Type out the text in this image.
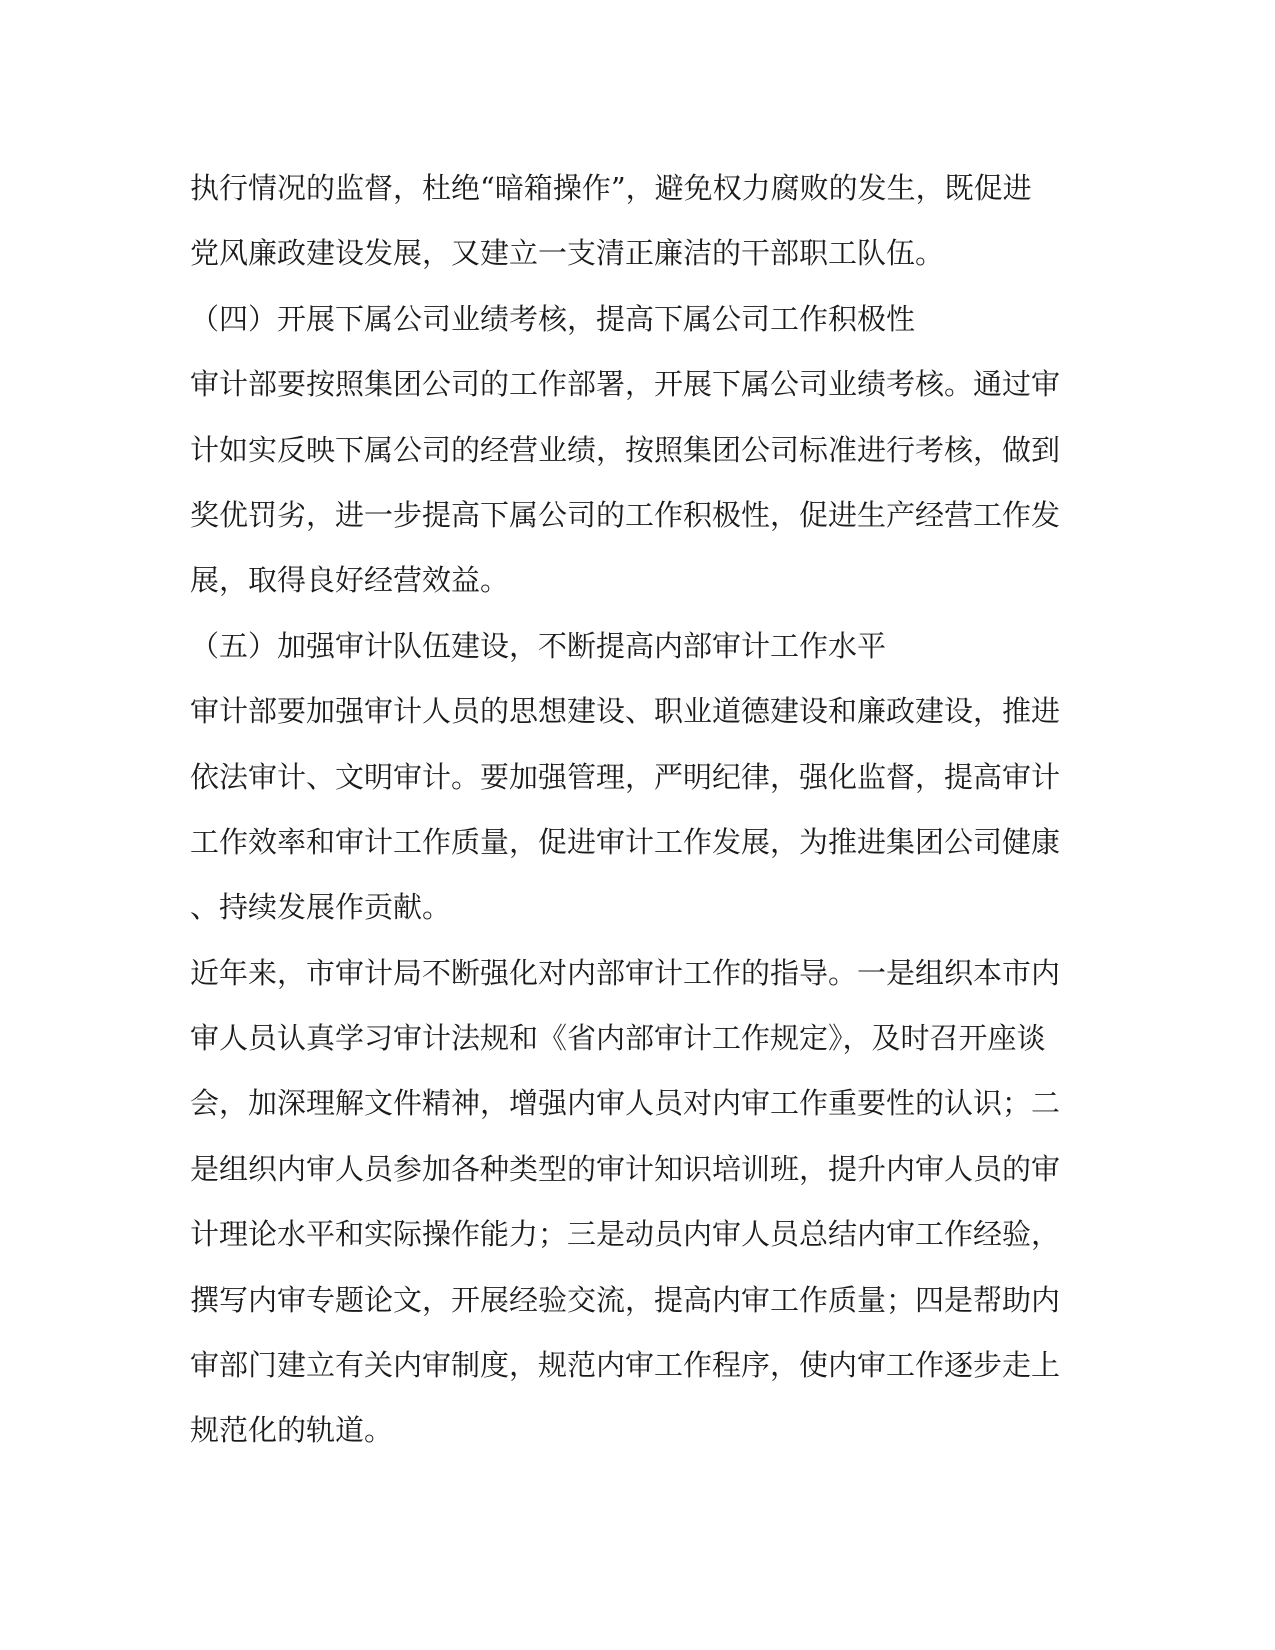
执行情况的监督，杜绝“暗箱操作”，避免权力腐败的发生，既促进
党风廉政建设发展，又建立一支清正廉洁的干部职工队伍。
（四）开展下属公司业绩考核，提高下属公司工作积极性
审计部要按照集团公司的工作部署，开展下属公司业绩考核。通过审
计如实反映下属公司的经营业绩，按照集团公司标准进行考核，做到
奖优罚劣，进一步提高下属公司的工作积极性，促进生产经营工作发
展，取得良好经营效益。
（五）加强审计队伍建设，不断提高内部审计工作水平
审计部要加强审计人员的思想建设、职业道德建设和廉政建设，推进
依法审计、文明审计。要加强管理，严明纪律，强化监督，提高审计
工作效率和审计工作质量，促进审计工作发展，为推进集团公司健康
、持续发展作贡献。
近年来，市审计局不断强化对内部审计工作的指导。一是组织本市内
审人员认真学习审计法规和《省内部审计工作规定》，及时召开座谈
会，加深理解文件精神，增强内审人员对内审工作重要性的认识；二
是组织内审人员参加各种类型的审计知识培训班，提升内审人员的审
计理论水平和实际操作能力；三是动员内审人员总结内审工作经验，
撰写内审专题论文，开展经验交流，提高内审工作质量；四是帮助内
审部门建立有关内审制度，规范内审工作程序，使内审工作逐步走上
规范化的轨道。
